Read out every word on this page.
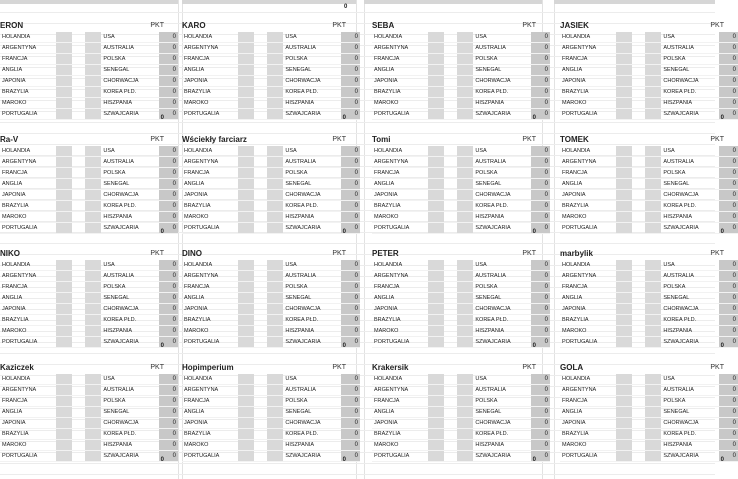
0
ERON	PKT
HOLANDIA				USA	0
ARGENTYNA				AUSTRALIA	0
FRANCJA				POLSKA	0
ANGLIA				SENEGAL	0
JAPONIA				CHORWACJA	0
BRAZYLIA				KOREA PŁD.	0
MAROKO				HISZPANIA	0
PORTUGALIA				SZWAJCARIA	0
0
KARO	PKT
HOLANDIA				USA	0
ARGENTYNA				AUSTRALIA	0
FRANCJA				POLSKA	0
ANGLIA				SENEGAL	0
JAPONIA				CHORWACJA	0
BRAZYLIA				KOREA PŁD.	0
MAROKO				HISZPANIA	0
PORTUGALIA				SZWAJCARIA	0
0
SEBA	PKT
HOLANDIA				USA	0
ARGENTYNA				AUSTRALIA	0
FRANCJA				POLSKA	0
ANGLIA				SENEGAL	0
JAPONIA				CHORWACJA	0
BRAZYLIA				KOREA PŁD.	0
MAROKO				HISZPANIA	0
PORTUGALIA				SZWAJCARIA	0
0
JASIEK	PKT
HOLANDIA				USA	0
ARGENTYNA				AUSTRALIA	0
FRANCJA				POLSKA	0
ANGLIA				SENEGAL	0
JAPONIA				CHORWACJA	0
BRAZYLIA				KOREA PŁD.	0
MAROKO				HISZPANIA	0
PORTUGALIA				SZWAJCARIA	0
0
Ra-V	PKT
HOLANDIA				USA	0
ARGENTYNA				AUSTRALIA	0
FRANCJA				POLSKA	0
ANGLIA				SENEGAL	0
JAPONIA				CHORWACJA	0
BRAZYLIA				KOREA PŁD.	0
MAROKO				HISZPANIA	0
PORTUGALIA				SZWAJCARIA	0
0
Wściekły farciarz	PKT
HOLANDIA				USA	0
ARGENTYNA				AUSTRALIA	0
FRANCJA				POLSKA	0
ANGLIA				SENEGAL	0
JAPONIA				CHORWACJA	0
BRAZYLIA				KOREA PŁD.	0
MAROKO				HISZPANIA	0
PORTUGALIA				SZWAJCARIA	0
0
Tomi	PKT
HOLANDIA				USA	0
ARGENTYNA				AUSTRALIA	0
FRANCJA				POLSKA	0
ANGLIA				SENEGAL	0
JAPONIA				CHORWACJA	0
BRAZYLIA				KOREA PŁD.	0
MAROKO				HISZPANIA	0
PORTUGALIA				SZWAJCARIA	0
0
TOMEK	PKT
HOLANDIA				USA	0
ARGENTYNA				AUSTRALIA	0
FRANCJA				POLSKA	0
ANGLIA				SENEGAL	0
JAPONIA				CHORWACJA	0
BRAZYLIA				KOREA PŁD.	0
MAROKO				HISZPANIA	0
PORTUGALIA				SZWAJCARIA	0
0
NIKO	PKT
HOLANDIA				USA	0
ARGENTYNA				AUSTRALIA	0
FRANCJA				POLSKA	0
ANGLIA				SENEGAL	0
JAPONIA				CHORWACJA	0
BRAZYLIA				KOREA PŁD.	0
MAROKO				HISZPANIA	0
PORTUGALIA				SZWAJCARIA	0
0
DINO	PKT
HOLANDIA				USA	0
ARGENTYNA				AUSTRALIA	0
FRANCJA				POLSKA	0
ANGLIA				SENEGAL	0
JAPONIA				CHORWACJA	0
BRAZYLIA				KOREA PŁD.	0
MAROKO				HISZPANIA	0
PORTUGALIA				SZWAJCARIA	0
0
PETER	PKT
HOLANDIA				USA	0
ARGENTYNA				AUSTRALIA	0
FRANCJA				POLSKA	0
ANGLIA				SENEGAL	0
JAPONIA				CHORWACJA	0
BRAZYLIA				KOREA PŁD.	0
MAROKO				HISZPANIA	0
PORTUGALIA				SZWAJCARIA	0
0
marbylik	PKT
HOLANDIA				USA	0
ARGENTYNA				AUSTRALIA	0
FRANCJA				POLSKA	0
ANGLIA				SENEGAL	0
JAPONIA				CHORWACJA	0
BRAZYLIA				KOREA PŁD.	0
MAROKO				HISZPANIA	0
PORTUGALIA				SZWAJCARIA	0
0
Kaziczek	PKT
HOLANDIA				USA	0
ARGENTYNA				AUSTRALIA	0
FRANCJA				POLSKA	0
ANGLIA				SENEGAL	0
JAPONIA				CHORWACJA	0
BRAZYLIA				KOREA PŁD.	0
MAROKO				HISZPANIA	0
PORTUGALIA				SZWAJCARIA	0
0
Hopimperium	PKT
HOLANDIA				USA	0
ARGENTYNA				AUSTRALIA	0
FRANCJA				POLSKA	0
ANGLIA				SENEGAL	0
JAPONIA				CHORWACJA	0
BRAZYLIA				KOREA PŁD.	0
MAROKO				HISZPANIA	0
PORTUGALIA				SZWAJCARIA	0
0
Krakersik	PKT
HOLANDIA				USA	0
ARGENTYNA				AUSTRALIA	0
FRANCJA				POLSKA	0
ANGLIA				SENEGAL	0
JAPONIA				CHORWACJA	0
BRAZYLIA				KOREA PŁD.	0
MAROKO				HISZPANIA	0
PORTUGALIA				SZWAJCARIA	0
0
GOLA	PKT
HOLANDIA				USA	0
ARGENTYNA				AUSTRALIA	0
FRANCJA				POLSKA	0
ANGLIA				SENEGAL	0
JAPONIA				CHORWACJA	0
BRAZYLIA				KOREA PŁD.	0
MAROKO				HISZPANIA	0
PORTUGALIA				SZWAJCARIA	0
0
